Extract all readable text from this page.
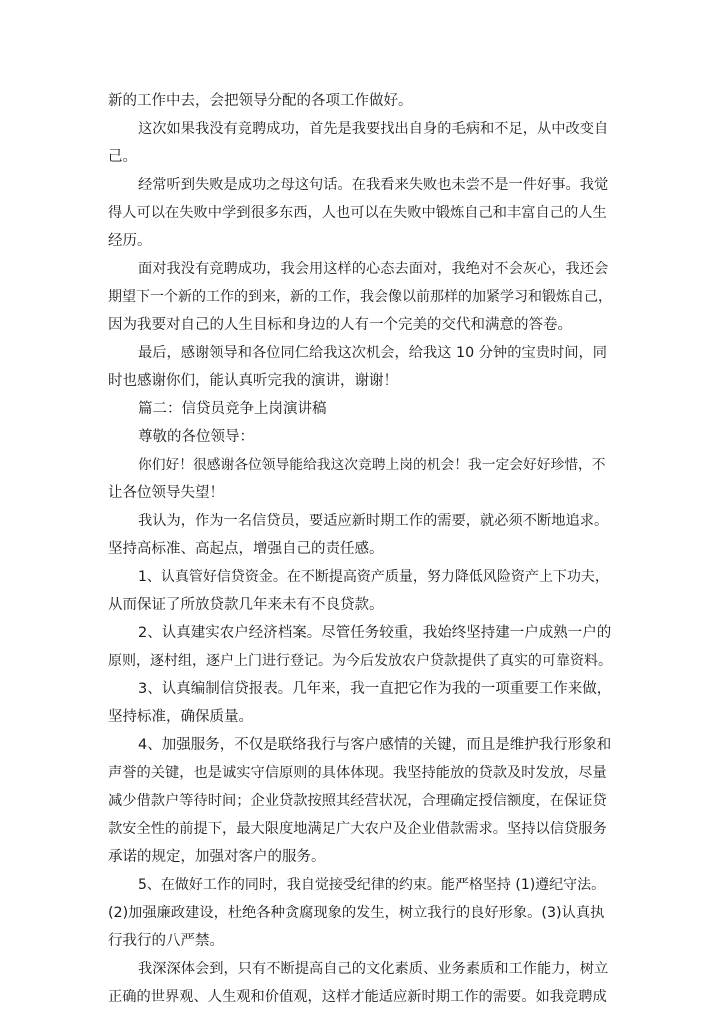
新的工作中去，会把领导分配的各项工作做好。
这次如果我没有竞聘成功，首先是我要找出自身的毛病和不足，从中改变自
己。
经常听到失败是成功之母这句话。在我看来失败也未尝不是一件好事。我觉
得人可以在失败中学到很多东西，人也可以在失败中锻炼自己和丰富自己的人生
经历。
面对我没有竞聘成功，我会用这样的心态去面对，我绝对不会灰心，我还会
期望下一个新的工作的到来，新的工作，我会像以前那样的加紧学习和锻炼自己，
因为我要对自己的人生目标和身边的人有一个完美的交代和满意的答卷。
最后，感谢领导和各位同仁给我这次机会，给我这 10 分钟的宝贵时间，同
时也感谢你们，能认真听完我的演讲，谢谢！
篇二：信贷员竞争上岗演讲稿
尊敬的各位领导：
你们好！很感谢各位领导能给我这次竞聘上岗的机会！我一定会好好珍惜，不
让各位领导失望！
我认为，作为一名信贷员，要适应新时期工作的需要，就必须不断地追求。
坚持高标准、高起点，增强自己的责任感。
1、认真管好信贷资金。在不断提高资产质量，努力降低风险资产上下功夫，
从而保证了所放贷款几年来未有不良贷款。
2、认真建实农户经济档案。尽管任务较重，我始终坚持建一户成熟一户的
原则，逐村组，逐户上门进行登记。为今后发放农户贷款提供了真实的可靠资料。
3、认真编制信贷报表。几年来，我一直把它作为我的一项重要工作来做，
坚持标准，确保质量。
4、加强服务，不仅是联络我行与客户感情的关键，而且是维护我行形象和
声誉的关键，也是诚实守信原则的具体体现。我坚持能放的贷款及时发放，尽量
减少借款户等待时间；企业贷款按照其经营状况，合理确定授信额度，在保证贷
款安全性的前提下，最大限度地满足广大农户及企业借款需求。坚持以信贷服务
承诺的规定，加强对客户的服务。
5、在做好工作的同时，我自觉接受纪律的约束。能严格坚持 (1)遵纪守法。
(2)加强廉政建设，杜绝各种贪腐现象的发生，树立我行的良好形象。(3)认真执
行我行的八严禁。
我深深体会到，只有不断提高自己的文化素质、业务素质和工作能力，树立
正确的世界观、人生观和价值观，这样才能适应新时期工作的需要。如我竞聘成
